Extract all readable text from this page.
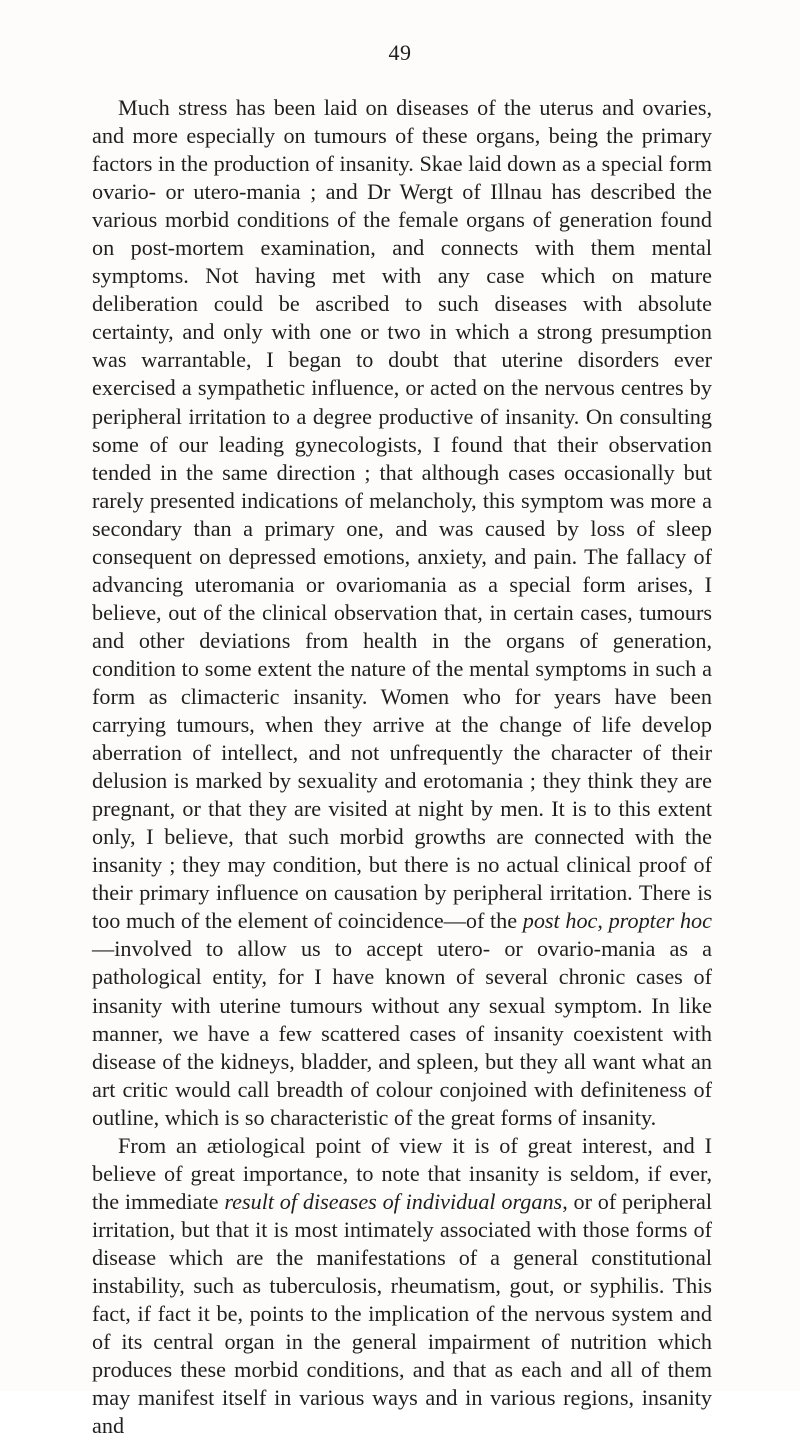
49

Much stress has been laid on diseases of the uterus and ovaries, and more especially on tumours of these organs, being the primary factors in the production of insanity. Skae laid down as a special form ovario- or utero-mania ; and Dr Wergt of Illnau has described the various morbid conditions of the female organs of generation found on post-mortem examination, and connects with them mental symptoms. Not having met with any case which on mature deliberation could be ascribed to such diseases with absolute certainty, and only with one or two in which a strong presumption was warrantable, I began to doubt that uterine disorders ever exercised a sympathetic influence, or acted on the nervous centres by peripheral irritation to a degree productive of insanity. On consulting some of our leading gynecologists, I found that their observation tended in the same direction ; that although cases occasionally but rarely presented indications of melancholy, this symptom was more a secondary than a primary one, and was caused by loss of sleep consequent on depressed emotions, anxiety, and pain. The fallacy of advancing uteromania or ovariomania as a special form arises, I believe, out of the clinical observation that, in certain cases, tumours and other deviations from health in the organs of generation, condition to some extent the nature of the mental symptoms in such a form as climacteric insanity. Women who for years have been carrying tumours, when they arrive at the change of life develop aberration of intellect, and not unfrequently the character of their delusion is marked by sexuality and erotomania ; they think they are pregnant, or that they are visited at night by men. It is to this extent only, I believe, that such morbid growths are connected with the insanity ; they may condition, but there is no actual clinical proof of their primary influence on causation by peripheral irritation. There is too much of the element of coincidence—of the post hoc, propter hoc—involved to allow us to accept utero- or ovario-mania as a pathological entity, for I have known of several chronic cases of insanity with uterine tumours without any sexual symptom. In like manner, we have a few scattered cases of insanity coexistent with disease of the kidneys, bladder, and spleen, but they all want what an art critic would call breadth of colour conjoined with definiteness of outline, which is so characteristic of the great forms of insanity.

From an ætiological point of view it is of great interest, and I believe of great importance, to note that insanity is seldom, if ever, the immediate result of diseases of individual organs, or of peripheral irritation, but that it is most intimately associated with those forms of disease which are the manifestations of a general constitutional instability, such as tuberculosis, rheumatism, gout, or syphilis. This fact, if fact it be, points to the implication of the nervous system and of its central organ in the general impairment of nutrition which produces these morbid conditions, and that as each and all of them may manifest itself in various ways and in various regions, insanity and
